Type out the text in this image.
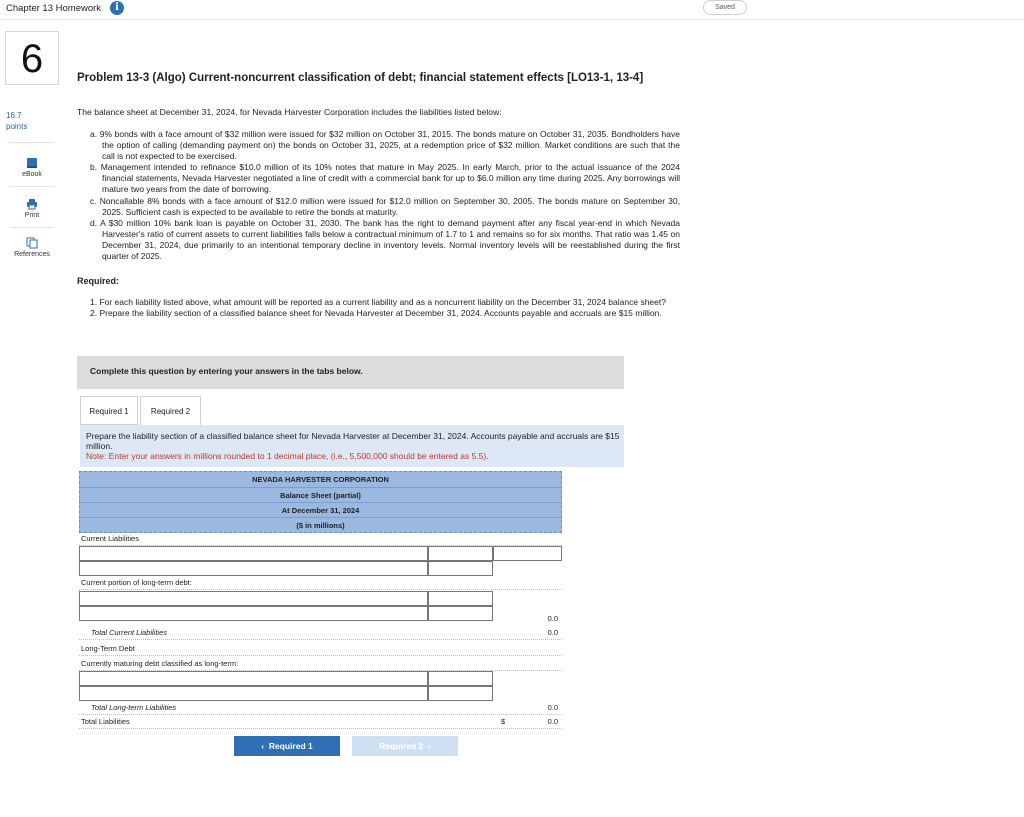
Chapter 13 Homework	i	Saved
6
16.7
points
eBook
Print
References
Problem 13-3 (Algo) Current-noncurrent classification of debt; financial statement effects [LO13-1, 13-4]
The balance sheet at December 31, 2024, for Nevada Harvester Corporation includes the liabilities listed below:
a. 9% bonds with a face amount of $32 million were issued for $32 million on October 31, 2015. The bonds mature on October 31, 2035. Bondholders have the option of calling (demanding payment on) the bonds on October 31, 2025, at a redemption price of $32 million. Market conditions are such that the call is not expected to be exercised.
b. Management intended to refinance $10.0 million of its 10% notes that mature in May 2025. In early March, prior to the actual issuance of the 2024 financial statements, Nevada Harvester negotiated a line of credit with a commercial bank for up to $6.0 million any time during 2025. Any borrowings will mature two years from the date of borrowing.
c. Noncallable 8% bonds with a face amount of $12.0 million were issued for $12.0 million on September 30, 2005. The bonds mature on September 30, 2025. Sufficient cash is expected to be available to retire the bonds at maturity.
d. A $30 million 10% bank loan is payable on October 31, 2030. The bank has the right to demand payment after any fiscal year-end in which Nevada Harvester's ratio of current assets to current liabilities falls below a contractual minimum of 1.7 to 1 and remains so for six months. That ratio was 1.45 on December 31, 2024, due primarily to an intentional temporary decline in inventory levels. Normal inventory levels will be reestablished during the first quarter of 2025.
Required:
1. For each liability listed above, what amount will be reported as a current liability and as a noncurrent liability on the December 31, 2024 balance sheet?
2. Prepare the liability section of a classified balance sheet for Nevada Harvester at December 31, 2024. Accounts payable and accruals are $15 million.
Complete this question by entering your answers in the tabs below.
Required 1	Required 2
Prepare the liability section of a classified balance sheet for Nevada Harvester at December 31, 2024. Accounts payable and accruals are $15 million.
Note: Enter your answers in millions rounded to 1 decimal place, (i.e., 5,500,000 should be entered as 5.5).
NEVADA HARVESTER CORPORATION
Balance Sheet (partial)
At December 31, 2024
($ in millions)
Current Liabilities
Current portion of long-term debt:
0.0
Total Current Liabilities	0.0
Long-Term Debt
Currently maturing debt classified as long-term:
Total Long-term Liabilities	0.0
Total Liabilities	$	0.0
‹ Required 1	Required 2 ›
